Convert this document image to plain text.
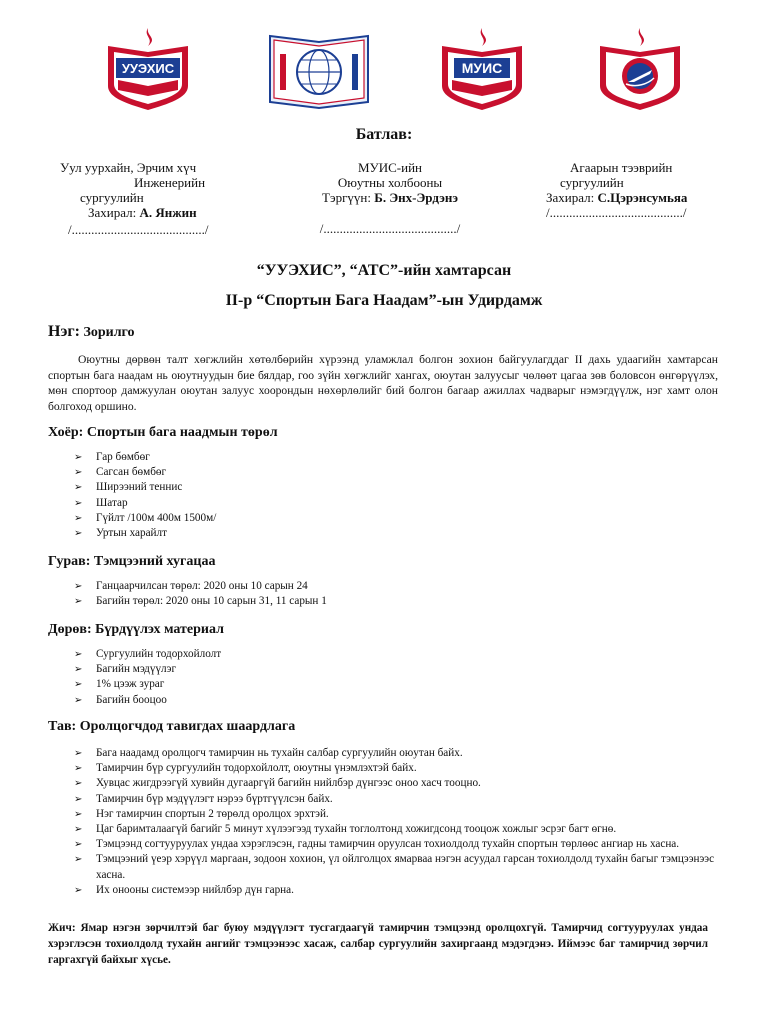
УУЭХИС	МУИС
Батлав:
Уул уурхайн, Эрчим хүч
Инженерийн
сургуулийн
Захирал: А. Янжин
/........................................./
МУИС-ийн
Оюутны холбооны
Тэргүүн: Б. Энх-Эрдэнэ
/........................................./
Агаарын тээврийн
сургуулийн
Захирал: С.Цэрэнсумьяа
/........................................./
“УУЭХИС”, “АТС”-ийн хамтарсан
II-р “Спортын Бага Наадам”-ын Удирдамж
Нэг: Зорилго
Оюутны дөрвөн талт хөгжлийн хөтөлбөрийн хүрээнд уламжлал болгон зохион байгуулагддаг II дахь удаагийн хамтарсан спортын бага наадам нь оюутнуудын бие бялдар, гоо зүйн хөгжлийг хангах, оюутан залуусыг чөлөөт цагаа зөв боловсон өнгөрүүлэх, мөн спортоор дамжуулан оюутан залуус хоорондын нөхөрлөлийг бий болгон багаар ажиллах чадварыг нэмэгдүүлж, нэг хамт олон болгоход оршино.
Хоёр: Спортын бага наадмын төрөл
➢ Гар бөмбөг
➢ Сагсан бөмбөг
➢ Ширээний теннис
➢ Шатар
➢ Гүйлт /100м 400м 1500м/
➢ Уртын харайлт
Гурав: Тэмцээний хугацаа
➢ Ганцаарчилсан төрөл: 2020 оны 10 сарын 24
➢ Багийн төрөл: 2020 оны 10 сарын 31, 11 сарын 1
Дөрөв: Бүрдүүлэх материал
➢ Сургуулийн тодорхойлолт
➢ Багийн мэдүүлэг
➢ 1% цээж зураг
➢ Багийн бооцоо
Тав: Оролцогчдод тавигдах шаардлага
➢ Бага наадамд оролцогч тамирчин нь тухайн салбар сургуулийн оюутан байх.
➢ Тамирчин бүр сургуулийн тодорхойлолт, оюутны үнэмлэхтэй байх.
➢ Хувцас жигдрээгүй хувийн дугааргүй багийн нийлбэр дүнгээс оноо хасч тооцно.
➢ Тамирчин бүр мэдүүлэгт нэрээ бүртгүүлсэн байх.
➢ Нэг тамирчин спортын 2 төрөлд оролцох эрхтэй.
➢ Цаг баримталаагүй багийг 5 минут хүлээгээд тухайн тоглолтонд хожигдсонд тооцож хожлыг эсрэг багт өгнө.
➢ Тэмцээнд согтууруулах ундаа хэрэглэсэн, гадны тамирчин оруулсан тохиолдолд тухайн спортын төрлөөс ангиар нь хасна.
➢ Тэмцээний үеэр хэрүүл маргаан, зодоон хохион, үл ойлголцох ямарваа нэгэн асуудал гарсан тохиолдолд тухайн багыг тэмцээнээс хасна.
➢ Их онооны системээр нийлбэр дүн гарна.
Жич: Ямар нэгэн зөрчилтэй баг буюу мэдүүлэгт тусгагдаагүй тамирчин тэмцээнд оролцохгүй. Тамирчид согтууруулах ундаа хэрэглэсэн тохиолдолд тухайн ангийг тэмцээнээс хасаж, салбар сургуулийн захиргаанд мэдэгдэнэ. Иймээс баг тамирчид зөрчил гаргахгүй байхыг хүсье.
